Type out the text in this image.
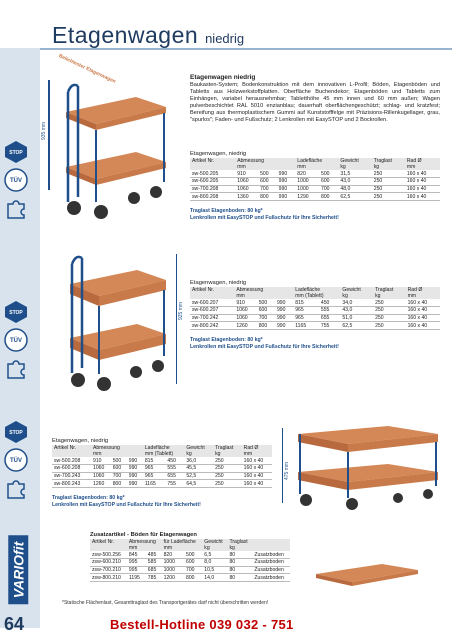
Etagenwagen niedrig
STOP
TÜV
STOP
TÜV
STOP
TÜV
VARIOfit
64
935 mm
Beliebtester Etagenwagen	Etagenwagen niedrig
Baukasten-System; Bodenkonstruktion mit dem innovativen L-Profil; Böden, Etagenböden und Tabletts aus Holzwerkstoffplatten. Oberfläche Buchendekor; Etagenböden und Tabletts zum Einhängen, variabel herausnehmbar; Tabletthöhe 45 mm innen und 60 mm außen; Wagen pulverbeschichtet RAL 5010 enzianblau; dauerhaft oberflächengeschützt; schlag- und kratzfest; Bereifung aus thermoplastischem Gummi auf Kunststofffelge mit Präzisions-Rillenkugellager, grau, "spurlos"; Faden- und Fußschutz; 2 Lenkrollen mit EasySTOP und 2 Bockrollen.
Etagenwagen, niedrig
Artikel Nr.	Abmessung			Ladefläche		Gewicht	Traglast	Rad Ø
	mm			mm		kg	kg	mm
sw-500.205	910	500	990	820	500	31,5	250	160 x 40
sw-600.205	1060	600	990	1000	600	43,0	250	160 x 40
sw-700.208	1060	700	990	1000	700	48,0	250	160 x 40
sw-800.208	1360	800	990	1290	800	62,5	250	160 x 40
Traglast Etagenboden: 80 kg*
Lenkrollen mit EasySTOP und Fußschutz für Ihre Sicherheit!
925 mm
Etagenwagen, niedrig
Artikel Nr.	Abmessung			Ladefläche		Gewicht	Traglast	Rad Ø
	mm			mm (Tablett)		kg	kg	mm
sw-600.207	910	500	990	815	450	34,0	250	160 x 40
sw-600.207	1060	600	990	965	555	43,0	250	160 x 40
sw-700.242	1060	700	990	965	655	51,0	250	160 x 40
sw-800.242	1260	800	990	1165	755	62,5	250	160 x 40
Traglast Etagenboden: 80 kg*
Lenkrollen mit EasySTOP und Fußschutz für Ihre Sicherheit!
Etagenwagen, niedrig
Artikel Nr.	Abmessung			Ladefläche		Gewicht	Traglast	Rad Ø
	mm			mm (Tablett)		kg	kg	mm
sw-500.208	910	500	990	815	450	36,0	250	160 x 40
sw-600.208	1060	600	990	965	555	45,5	250	160 x 40
sw-700.243	1060	700	990	965	655	52,5	250	160 x 40
sw-800.243	1260	800	990	1165	755	64,5	250	160 x 40
Traglast Etagenboden: 80 kg*
Lenkrollen mit EasySTOP und Fußschutz für Ihre Sicherheit!
475 mm
Zusatzartikel - Böden für Etagenwagen
Artikel Nr.	Abmessung		für Ladefläche		Gewicht	Traglast	
	mm		mm		kg	kg	
zsw-500.256	845	485	820	500	6,5	80	Zusatzboden
zsw-600.210	995	585	1000	600	8,0	80	Zusatzboden
zsw-700.210	995	685	1000	700	10,5	80	Zusatzboden
zsw-800.210	1195	785	1200	800	14,0	80	Zusatzboden
*Statische Flächenlast, Gesamttraglast des Transportgerätes darf nicht überschritten werden!
Bestell-Hotline 039 032 - 751
